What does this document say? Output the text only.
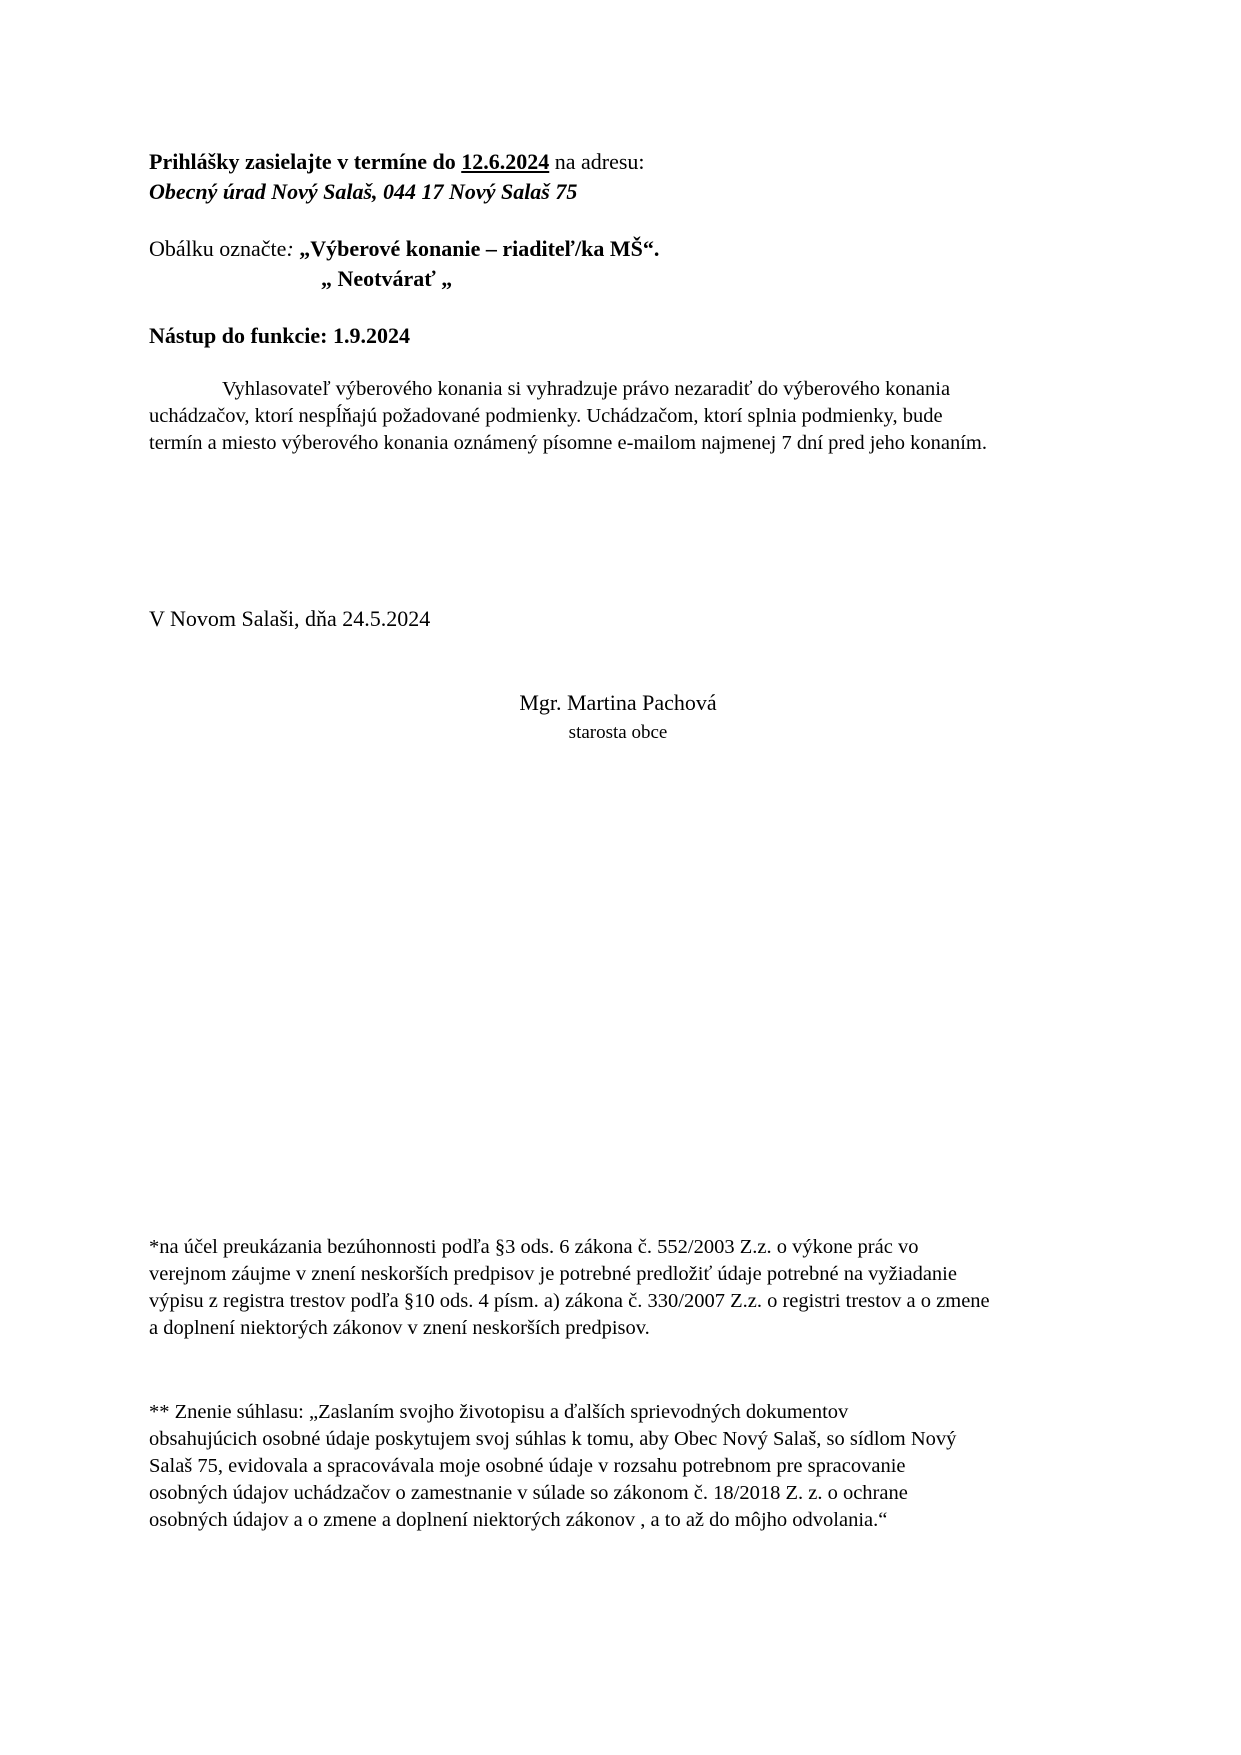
Prihlášky zasielajte v termíne do 12.6.2024 na adresu:
Obecný úrad Nový Salaš, 044 17 Nový Salaš 75
Obálku označte: „Výberové konanie – riaditeľ/ka MŠ“.
„ Neotvárať „
Nástup do funkcie: 1.9.2024
Vyhlasovateľ výberového konania si vyhradzuje právo nezaradiť do výberového konania
uchádzačov, ktorí nespĺňajú požadované podmienky. Uchádzačom, ktorí splnia podmienky, bude
termín a miesto výberového konania oznámený písomne e-mailom najmenej 7 dní pred jeho konaním.
V Novom Salaši, dňa 24.5.2024
Mgr. Martina Pachová
starosta obce
*na účel preukázania bezúhonnosti podľa §3 ods. 6 zákona č. 552/2003 Z.z. o výkone prác vo
verejnom záujme v znení neskorších predpisov je potrebné predložiť údaje potrebné na vyžiadanie
výpisu z registra trestov podľa §10 ods. 4 písm. a) zákona č. 330/2007 Z.z. o registri trestov a o zmene
a doplnení niektorých zákonov v znení neskorších predpisov.
** Znenie súhlasu: „Zaslaním svojho životopisu a ďalších sprievodných dokumentov
obsahujúcich osobné údaje poskytujem svoj súhlas k tomu, aby Obec Nový Salaš, so sídlom Nový
Salaš 75, evidovala a spracovávala moje osobné údaje v rozsahu potrebnom pre spracovanie
osobných údajov uchádzačov o zamestnanie v súlade so zákonom č. 18/2018 Z. z. o ochrane
osobných údajov a o zmene a doplnení niektorých zákonov , a to až do môjho odvolania.“
